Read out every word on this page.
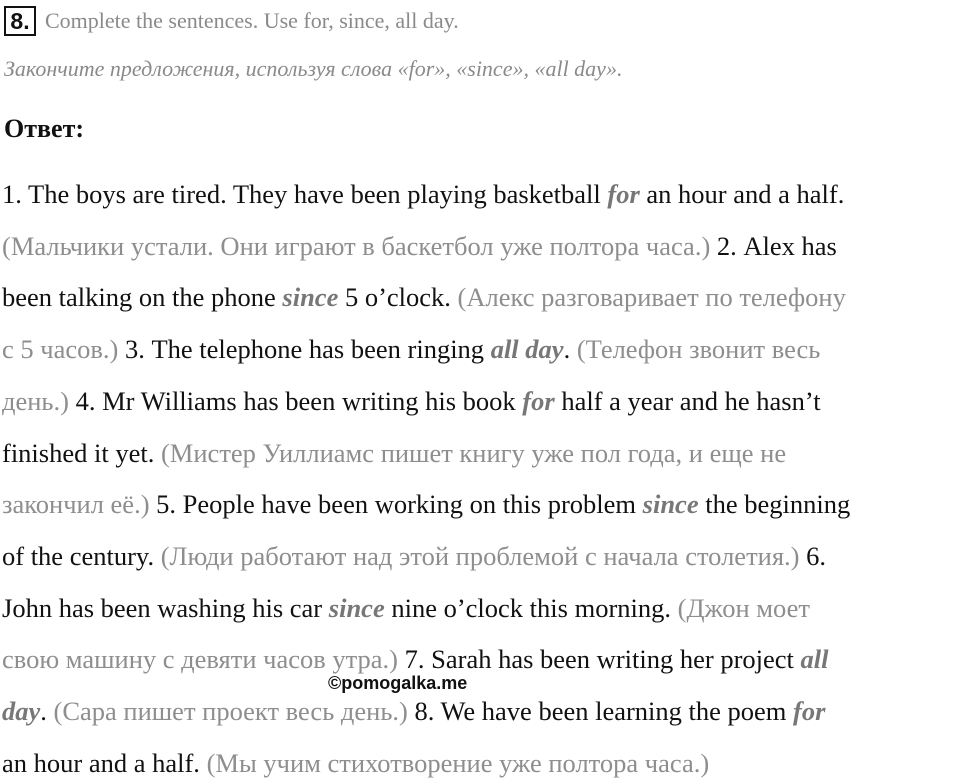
8. Complete the sentences. Use for, since, all day.
Закончите предложения, используя слова «for», «since», «all day».
Ответ:
1. The boys are tired. They have been playing basketball for an hour and a half.
(Мальчики устали. Они играют в баскетбол уже полтора часа.) 2. Alex has
been talking on the phone since 5 o’clock. (Алекс разговаривает по телефону
с 5 часов.) 3. The telephone has been ringing all day. (Телефон звонит весь
день.) 4. Mr Williams has been writing his book for half a year and he hasn’t
finished it yet. (Мистер Уиллиамс пишет книгу уже пол года, и еще не
закончил её.) 5. People have been working on this problem since the beginning
of the century. (Люди работают над этой проблемой с начала столетия.) 6.
John has been washing his car since nine o’clock this morning. (Джон моет
свою машину с девяти часов утра.) 7. Sarah has been writing her project all
day. (Сара пишет проект весь день.) 8. We have been learning the poem for
an hour and a half. (Мы учим стихотворение уже полтора часа.)
©pomogalka.me
